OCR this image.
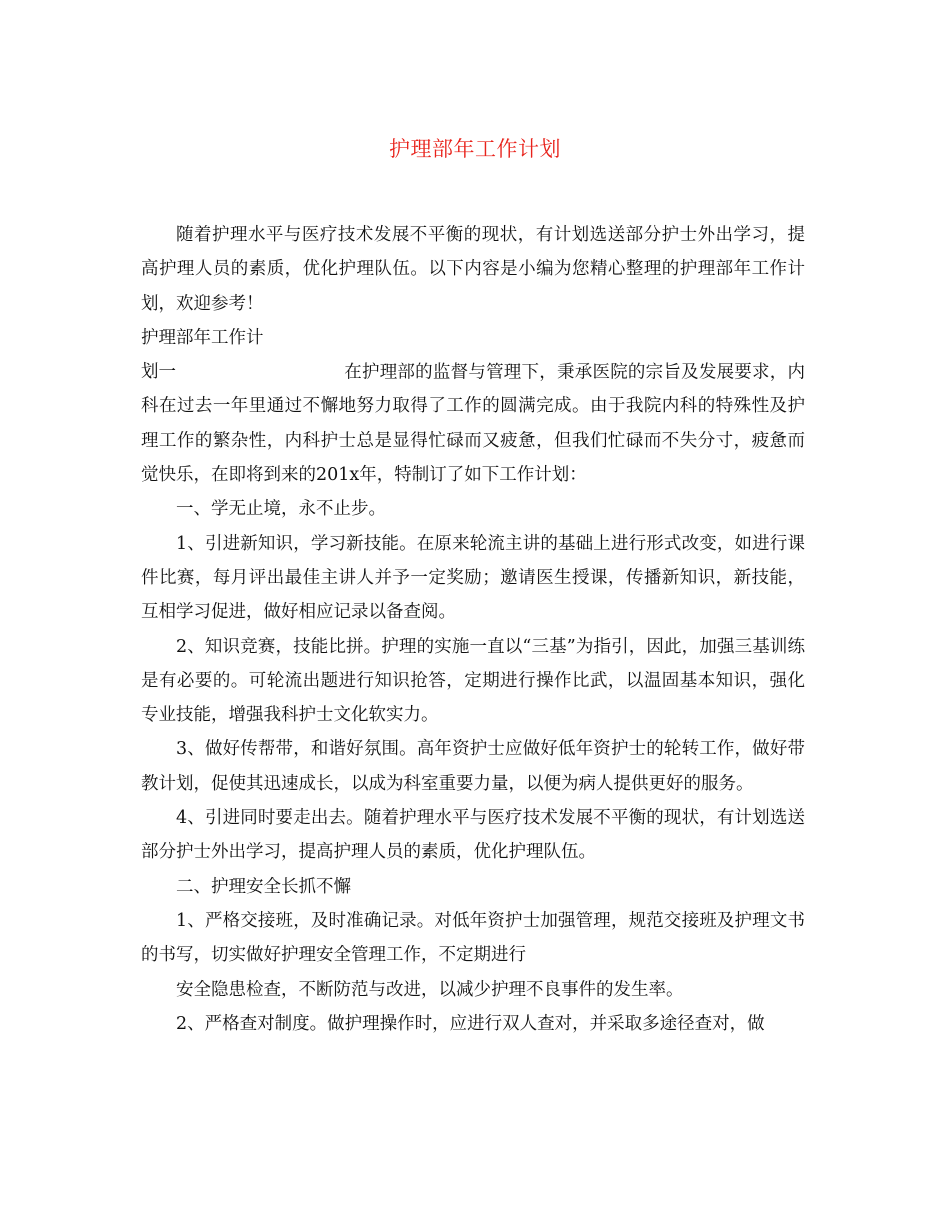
护理部年工作计划

随着护理水平与医疗技术发展不平衡的现状，有计划选送部分护士外出学习，提高护理人员的素质，优化护理队伍。以下内容是小编为您精心整理的护理部年工作计划，欢迎参考！

护理部年工作计划一	在护理部的监督与管理下，秉承医院的宗旨及发展要求，内科在过去一年里通过不懈地努力取得了工作的圆满完成。由于我院内科的特殊性及护理工作的繁杂性，内科护士总是显得忙碌而又疲惫，但我们忙碌而不失分寸，疲惫而觉快乐，在即将到来的201x年，特制订了如下工作计划：

一、学无止境，永不止步。

1、引进新知识，学习新技能。在原来轮流主讲的基础上进行形式改变，如进行课件比赛，每月评出最佳主讲人并予一定奖励；邀请医生授课，传播新知识，新技能，互相学习促进，做好相应记录以备查阅。

2、知识竞赛，技能比拼。护理的实施一直以“三基”为指引，因此，加强三基训练是有必要的。可轮流出题进行知识抢答，定期进行操作比武，以温固基本知识，强化专业技能，增强我科护士文化软实力。

3、做好传帮带，和谐好氛围。高年资护士应做好低年资护士的轮转工作，做好带教计划，促使其迅速成长，以成为科室重要力量，以便为病人提供更好的服务。

4、引进同时要走出去。随着护理水平与医疗技术发展不平衡的现状，有计划选送部分护士外出学习，提高护理人员的素质，优化护理队伍。

二、护理安全长抓不懈

1、严格交接班，及时准确记录。对低年资护士加强管理，规范交接班及护理文书的书写，切实做好护理安全管理工作，不定期进行

安全隐患检查，不断防范与改进，以减少护理不良事件的发生率。

2、严格查对制度。做护理操作时，应进行双人查对，并采取多途径查对，做
